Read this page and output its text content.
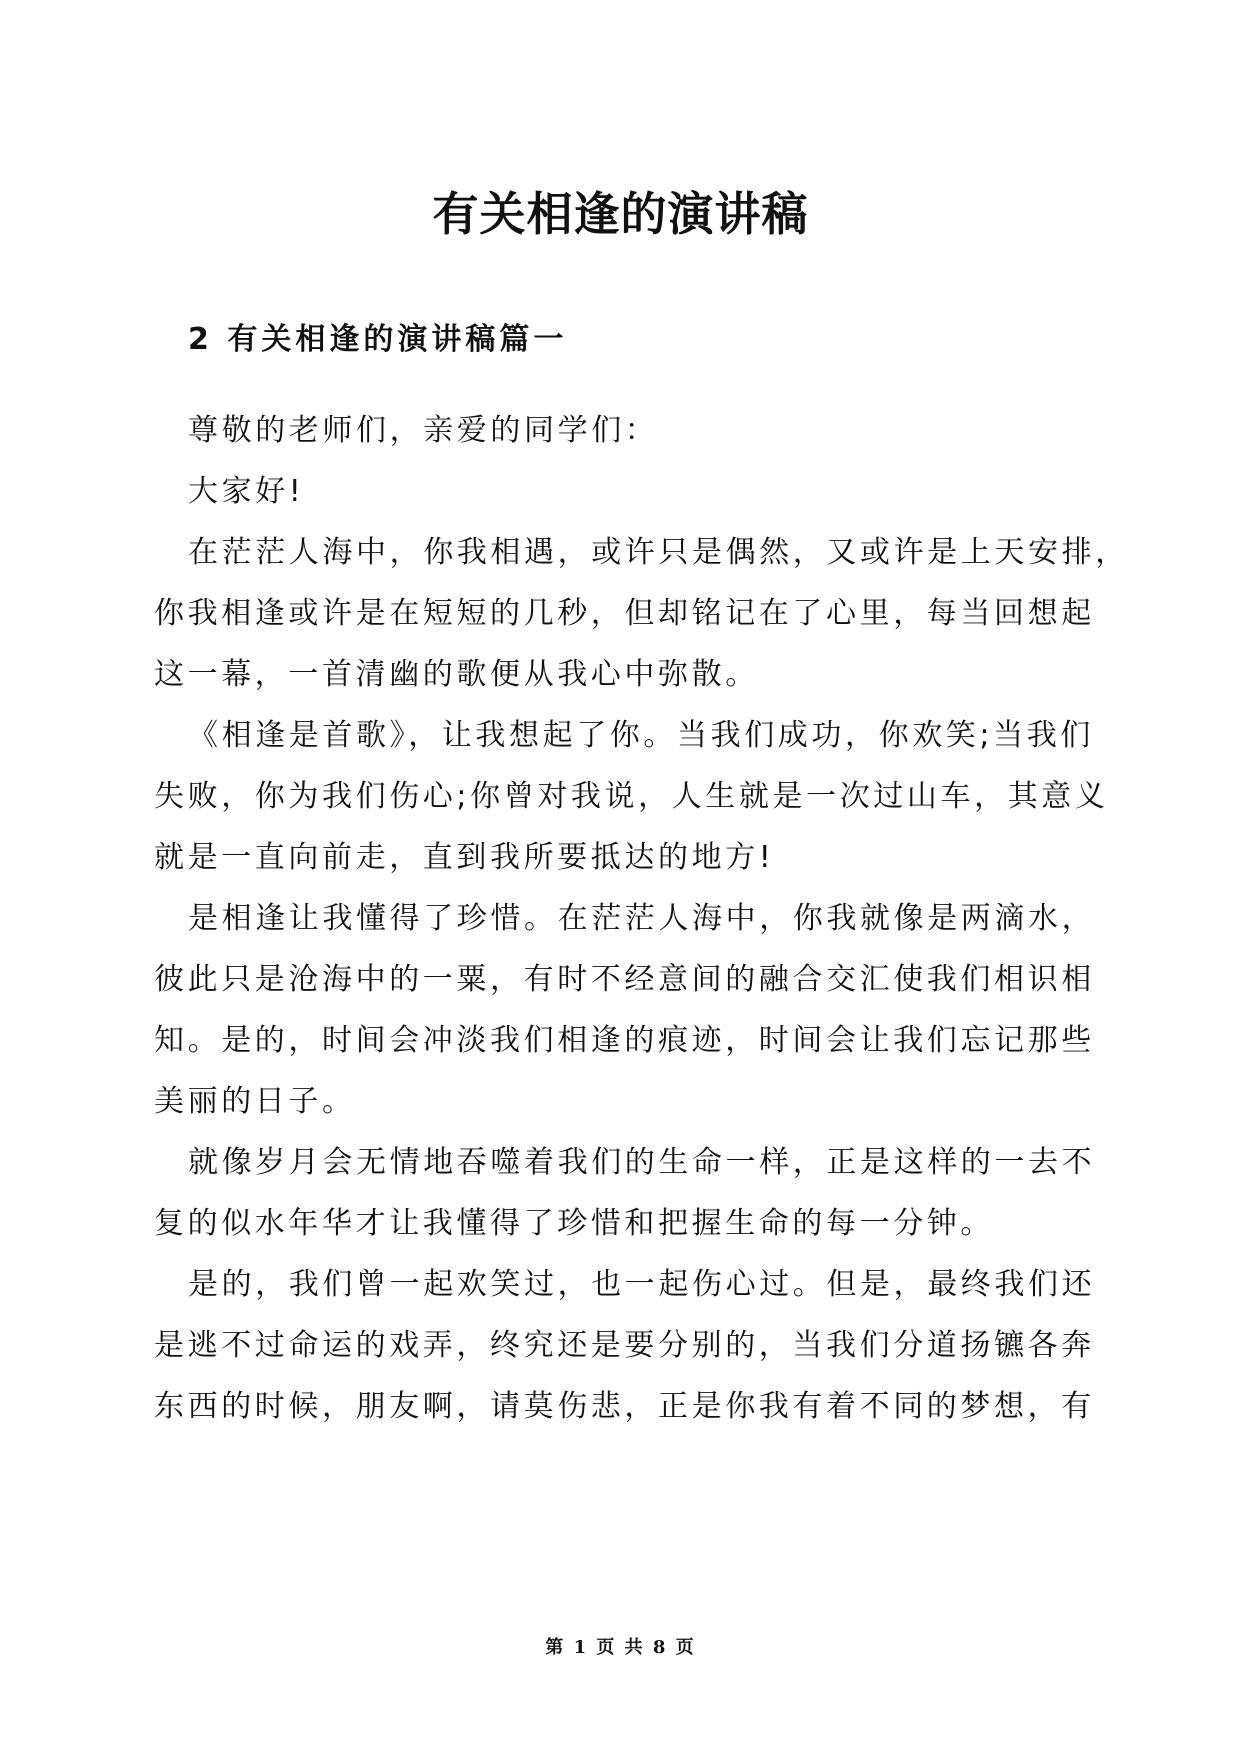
有关相逢的演讲稿
2 有关相逢的演讲稿篇一

尊敬的老师们，亲爱的同学们：

大家好!

在茫茫人海中，你我相遇，或许只是偶然，又或许是上天安排，
你我相逢或许是在短短的几秒，但却铭记在了心里，每当回想起
这一幕，一首清幽的歌便从我心中弥散。

《相逢是首歌》，让我想起了你。当我们成功，你欢笑;当我们
失败，你为我们伤心;你曾对我说，人生就是一次过山车，其意义
就是一直向前走，直到我所要抵达的地方!

是相逢让我懂得了珍惜。在茫茫人海中，你我就像是两滴水，
彼此只是沧海中的一粟，有时不经意间的融合交汇使我们相识相
知。是的，时间会冲淡我们相逢的痕迹，时间会让我们忘记那些
美丽的日子。

就像岁月会无情地吞噬着我们的生命一样，正是这样的一去不
复的似水年华才让我懂得了珍惜和把握生命的每一分钟。

是的，我们曾一起欢笑过，也一起伤心过。但是，最终我们还
是逃不过命运的戏弄，终究还是要分别的，当我们分道扬镳各奔
东西的时候，朋友啊，请莫伤悲，正是你我有着不同的梦想，有

第 1 页 共 8 页
